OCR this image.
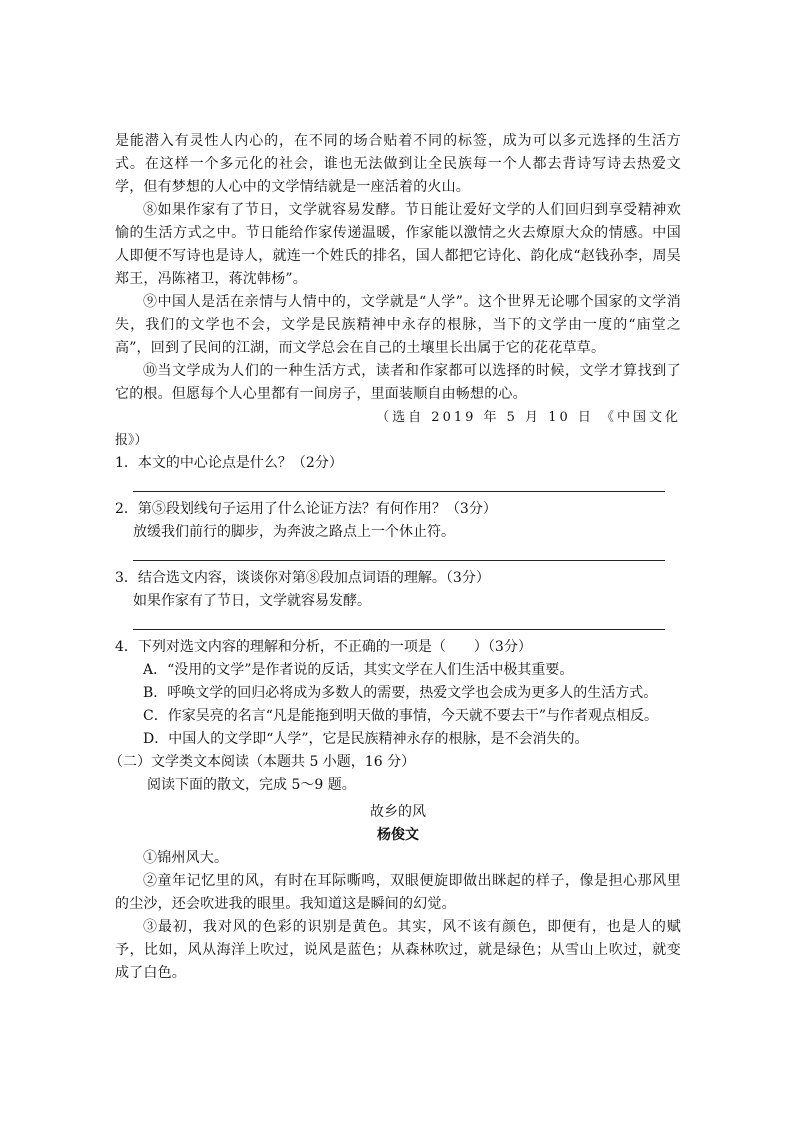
是能潜入有灵性人内心的，在不同的场合贴着不同的标签，成为可以多元选择的生活方式。在这样一个多元化的社会，谁也无法做到让全民族每一个人都去背诗写诗去热爱文学，但有梦想的人心中的文学情结就是一座活着的火山。

⑧如果作家有了节日，文学就容易发酵。节日能让爱好文学的人们回归到享受精神欢愉的生活方式之中。节日能给作家传递温暖，作家能以激情之火去燎原大众的情感。中国人即便不写诗也是诗人，就连一个姓氏的排名，国人都把它诗化、韵化成“赵钱孙李，周吴郑王，冯陈褚卫，蒋沈韩杨”。

⑨中国人是活在亲情与人情中的，文学就是“人学”。这个世界无论哪个国家的文学消失，我们的文学也不会，文学是民族精神中永存的根脉，当下的文学由一度的“庙堂之高”，回到了民间的江湖，而文学总会在自己的土壤里长出属于它的花花草草。

⑩当文学成为人们的一种生活方式，读者和作家都可以选择的时候，文学才算找到了它的根。但愿每个人心里都有一间房子，里面装顺自由畅想的心。

（选自 2019 年 5 月 10 日 《中国文化

报》）

1．本文的中心论点是什么？（2分）

2．第⑤段划线句子运用了什么论证方法？有何作用？（3分）

放缓我们前行的脚步，为奔波之路点上一个休止符。

3．结合选文内容，谈谈你对第⑧段加点词语的理解。（3分）

如果作家有了节日，文学就容易发酵。

4．下列对选文内容的理解和分析，不正确的一项是（　　）（3分）

A．“没用的文学”是作者说的反话，其实文学在人们生活中极其重要。

B．呼唤文学的回归必将成为多数人的需要，热爱文学也会成为更多人的生活方式。

C．作家吴亮的名言“凡是能拖到明天做的事情，今天就不要去干”与作者观点相反。

D．中国人的文学即“人学”，它是民族精神永存的根脉，是不会消失的。

（二）文学类文本阅读（本题共 5 小题，16 分）

阅读下面的散文，完成 5～9 题。

故乡的风

杨俊文

①锦州风大。

②童年记忆里的风，有时在耳际嘶鸣，双眼便旋即做出眯起的样子，像是担心那风里的尘沙，还会吹进我的眼里。我知道这是瞬间的幻觉。

③最初，我对风的色彩的识别是黄色。其实，风不该有颜色，即便有，也是人的赋予，比如，风从海洋上吹过，说风是蓝色；从森林吹过，就是绿色；从雪山上吹过，就变成了白色。
